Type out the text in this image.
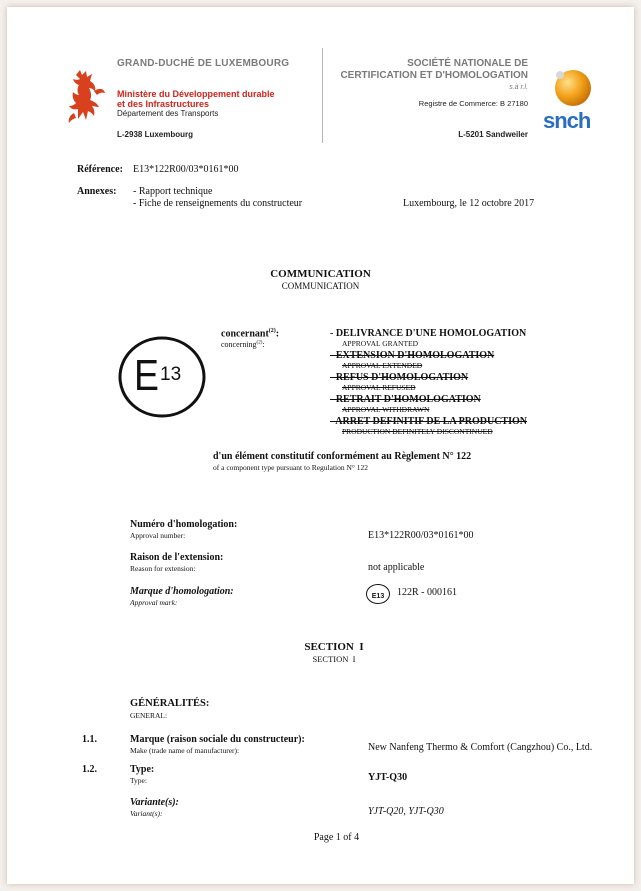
GRAND-DUCHÉ DE LUXEMBOURG
Ministère du Développement durable
et des Infrastructures
Département des Transports
L-2938 Luxembourg
SOCIÉTÉ NATIONALE DE
CERTIFICATION ET D'HOMOLOGATION
s.à r.l.
Registre de Commerce: B 27180
L-5201 Sandweiler
snch
Référence: E13*122R00/03*0161*00
Annexes: - Rapport technique
- Fiche de renseignements du constructeur	Luxembourg, le 12 octobre 2017
COMMUNICATION
COMMUNICATION
E 13
concernant$^{(2)}$:
concerning$^{(2)}$:
- DELIVRANCE D'UNE HOMOLOGATION
APPROVAL GRANTED
- EXTENSION D'HOMOLOGATION
APPROVAL EXTENDED
- REFUS D'HOMOLOGATION
APPROVAL REFUSED
- RETRAIT D'HOMOLOGATION
APPROVAL WITHDRAWN
- ARRET DEFINITIF DE LA PRODUCTION
PRODUCTION DEFINITELY DISCONTINUED
d'un élément constitutif conformément au Règlement N° 122
of a component type pursuant to Regulation N° 122
Numéro d'homologation:
Approval number:	E13*122R00/03*0161*00
Raison de l'extension:
Reason for extension:	not applicable
Marque d'homologation:
Approval mark:
E13	122R - 000161
SECTION  I
SECTION  I
GÉNÉRALITÉS:
GENERAL:
1.1.	Marque (raison sociale du constructeur):
Make (trade name of manufacturer):	New Nanfeng Thermo & Comfort (Cangzhou) Co., Ltd.
1.2.	Type:
Type:	YJT-Q30
Variante(s):
Variant(s):	YJT-Q20, YJT-Q30
Page 1 of 4
